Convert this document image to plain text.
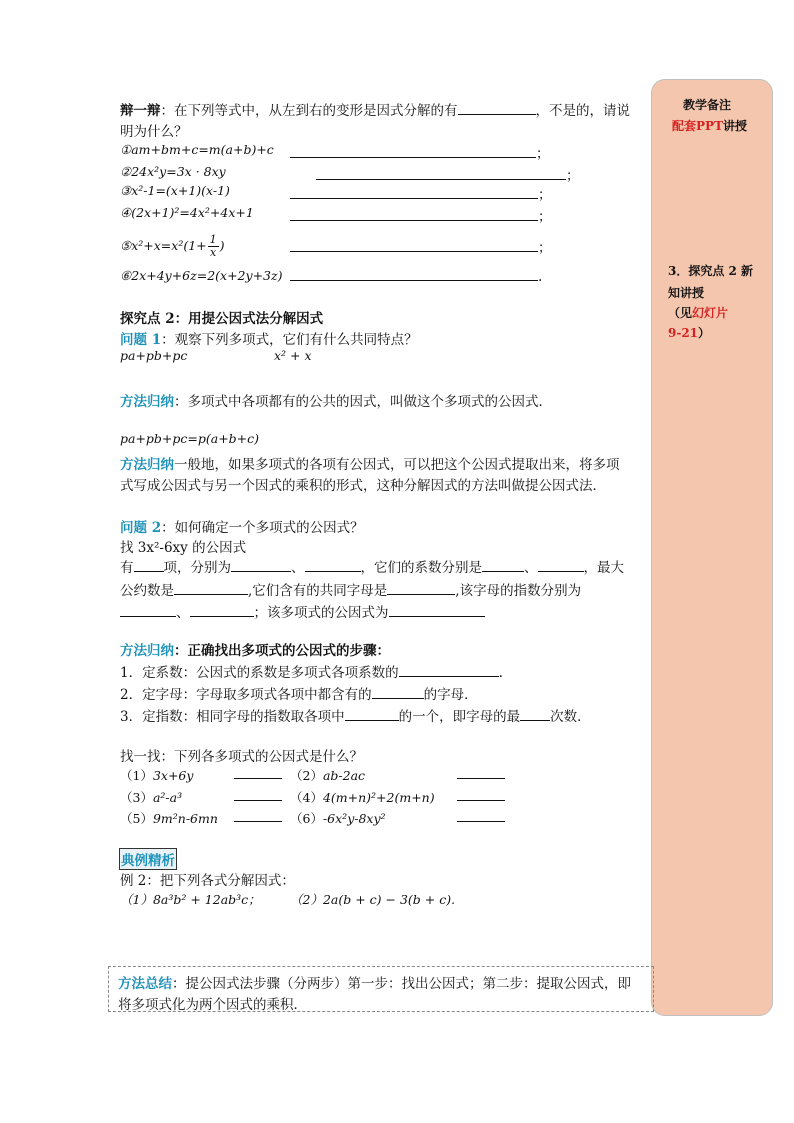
教学备注
配套PPT讲授
3．探究点 2 新
知讲授
（见幻灯片
9-21）
辩一辩：在下列等式中，从左到右的变形是因式分解的有	，不是的，请说
明为什么？
①am+bm+c=m(a+b)+c	；
②24x²y=3x · 8xy	；
③x²-1=(x+1)(x-1)	；
④(2x+1)²=4x²+4x+1	；
⑤x²+x=x²(1+ $\frac{1}{x}$ )	；
⑥2x+4y+6z=2(x+2y+3z)	.
探究点 2：用提公因式法分解因式
问题 1：观察下列多项式，它们有什么共同特点？
pa+pb+pc	x² + x
方法归纳：多项式中各项都有的公共的因式，叫做这个多项式的公因式．
pa+pb+pc=p(a+b+c)
方法归纳一般地，如果多项式的各项有公因式，可以把这个公因式提取出来，将多项
式写成公因式与另一个因式的乘积的形式，这种分解因式的方法叫做提公因式法．
问题 2：如何确定一个多项式的公因式？
找 3x²-6xy 的公因式
有 项，分别为	、	，它们的系数分别是	、	，最大
公约数是	,它们含有的共同字母是	,该字母的指数分别为
、	；该多项式的公因式为
方法归纳：正确找出多项式的公因式的步骤：
1．定系数：公因式的系数是多项式各项系数的	.
2．定字母：字母取多项式各项中都含有的	的字母．
3．定指数：相同字母的指数取各项中	的一个，即字母的最 次数．
找一找：下列各多项式的公因式是什么？
（1）3x+6y	（2）ab-2ac
（3）a²-a³	（4）4(m+n)²+2(m+n)
（5）9m²n-6mn	（6）-6x²y-8xy²
典例精析
例 2：把下列各式分解因式：
（1）8a³b² + 12ab³c； （2）2a(b + c) − 3(b + c).
方法总结：提公因式法步骤（分两步）第一步：找出公因式；第二步：提取公因式，即
将多项式化为两个因式的乘积．
